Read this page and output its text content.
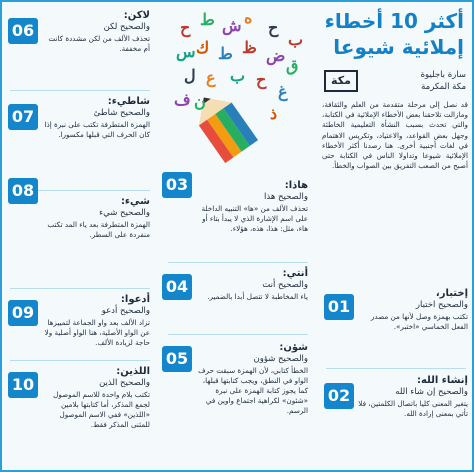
أكثر 10 أخطاء
إملائية شيوعا
سارة باجليوة
مكة المكرمة
مكة
قد نصل إلى مرحلة متقدمة من العلم والثقافة، ومازالت تلاحقنا بعض الأخطاء الإملائية في الكتابة، والتي تحدث بسبب النشأة التعليمية الخاطئة وجهل بعض القواعد، والاعتياد، وتكريس الاهتمام في لغات أجنبية أخرى. هنا رصدنا أكثر الأخطاء الإملائية شيوعا وتداولا الناس في الكتابة حتى أصبح من الصعب التفريق بين الصواب والخطأ.
إختبار،
والصحيح اختبار
تكتب بهمزة وصل لأنها من مصدر الفعل الخماسي «اختبر».
01
إنشاء الله:
والصحيح إن شاء الله
يتغير المعنى كليا باتصال الكلمتين، فلا تأتي بمعنى إرادة الله.
02
ح ط ش ه
ح
ب
س ك ط ظ ض
ق
ل ع ب ح
غ
ف ن
ذ
هاذا:
والصحيح هذا
تحذف الألف من «ها» التنبيه الداخلة على اسم الإشارة الذي لا يبدأ بتاء أو هاء، مثل: هذا، هذه، هؤلاء.
03
أنتي:
والصحيح أنت
ياء المخاطبة لا تتصل أبدا بالضمير.
04
شؤن:
والصحيح شؤون
الخطأ كتابي، لأن الهمزة سبقت حرف الواو في النطق، ويجب كتابتها قبلها، كما يجوز كتابة الهمزة على نبرة «شئون» لكراهية اجتماع واوين في الرسم.
05
لاكن:
والصحيح لكن
تحذف الألف من لكن مشددة كانت أم مخففة.
06
شاطيء:
والصحيح شاطئ
الهمزة المتطرفة تكتب على نبرة إذا كان الحرف التي قبلها مكسورا.
07
شيء:
والصحيح شيء
الهمزة المتطرفة بعد ياء المد تكتب منفردة على السطر.
08
أدعوا:
والصحيح أدعو
تزاد الألف بعد واو الجماعة لتمييزها عن الواو الأصلية، هنا الواو أصلية ولا حاجة لزيادة الألف.
09
اللذين:
والصحيح الذين
تكتب بلام واحدة للاسم الموصول لجمع المذكر، أما كتابتها بلامين «اللذين» ففي الاسم الموصول للمثنى المذكر فقط.
10
